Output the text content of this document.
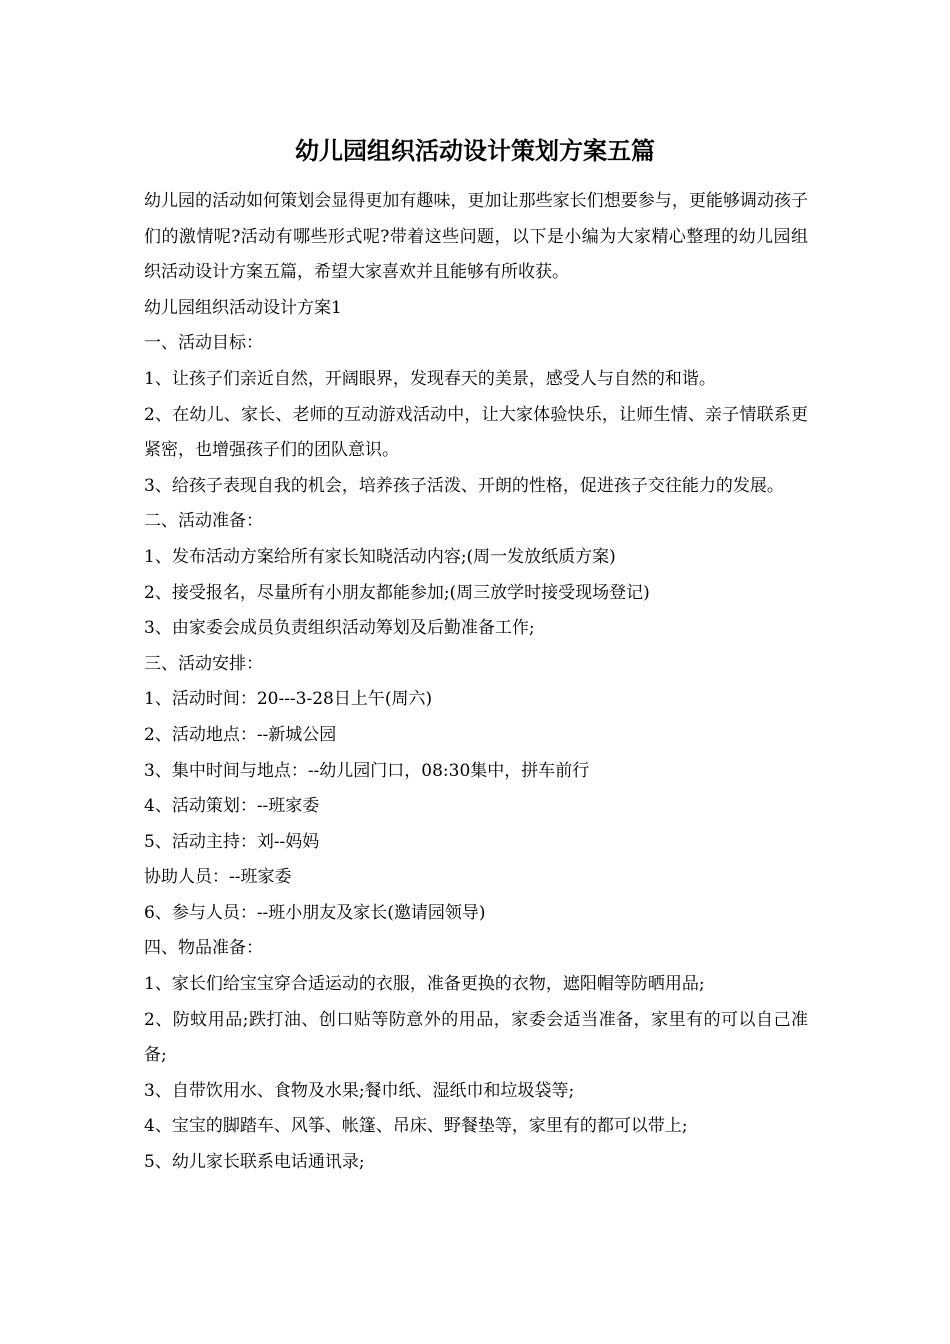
幼儿园组织活动设计策划方案五篇

幼儿园的活动如何策划会显得更加有趣味，更加让那些家长们想要参与，更能够调动孩子们的激情呢?活动有哪些形式呢?带着这些问题，以下是小编为大家精心整理的幼儿园组织活动设计方案五篇，希望大家喜欢并且能够有所收获。

幼儿园组织活动设计方案1

一、活动目标：

1、让孩子们亲近自然，开阔眼界，发现春天的美景，感受人与自然的和谐。

2、在幼儿、家长、老师的互动游戏活动中，让大家体验快乐，让师生情、亲子情联系更紧密，也增强孩子们的团队意识。

3、给孩子表现自我的机会，培养孩子活泼、开朗的性格，促进孩子交往能力的发展。

二、活动准备：

1、发布活动方案给所有家长知晓活动内容;(周一发放纸质方案)

2、接受报名，尽量所有小朋友都能参加;(周三放学时接受现场登记)

3、由家委会成员负责组织活动筹划及后勤准备工作;

三、活动安排：

1、活动时间：20---3-28日上午(周六)

2、活动地点：--新城公园

3、集中时间与地点：--幼儿园门口，08:30集中，拼车前行

4、活动策划：--班家委

5、活动主持：刘--妈妈

协助人员：--班家委

6、参与人员：--班小朋友及家长(邀请园领导)

四、物品准备：

1、家长们给宝宝穿合适运动的衣服，准备更换的衣物，遮阳帽等防晒用品;

2、防蚊用品;跌打油、创口贴等防意外的用品，家委会适当准备，家里有的可以自己准备;

3、自带饮用水、食物及水果;餐巾纸、湿纸巾和垃圾袋等;

4、宝宝的脚踏车、风筝、帐篷、吊床、野餐垫等，家里有的都可以带上;

5、幼儿家长联系电话通讯录;
